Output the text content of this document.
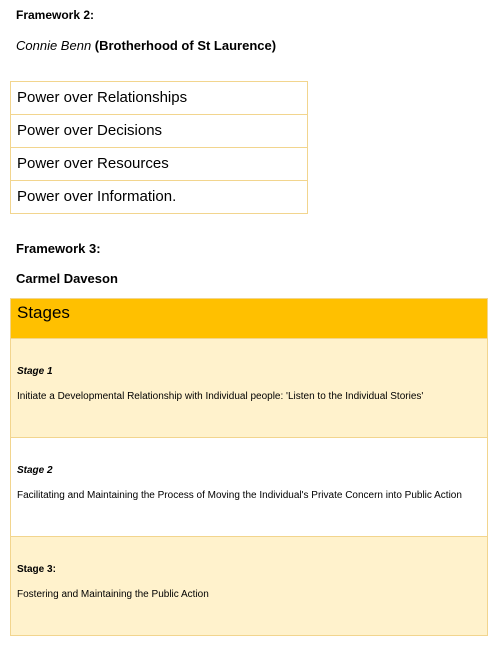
Framework 2:

Connie Benn (Brotherhood of St Laurence)

Power over Relationships
Power over Decisions
Power over Resources
Power over Information.

Framework 3:

Carmel Daveson

Stages

Stage 1
Initiate a Developmental Relationship with Individual people: 'Listen to the Individual Stories'

Stage 2
Facilitating and Maintaining the Process of Moving the Individual's Private Concern into Public Action

Stage 3:
Fostering and Maintaining the Public Action
